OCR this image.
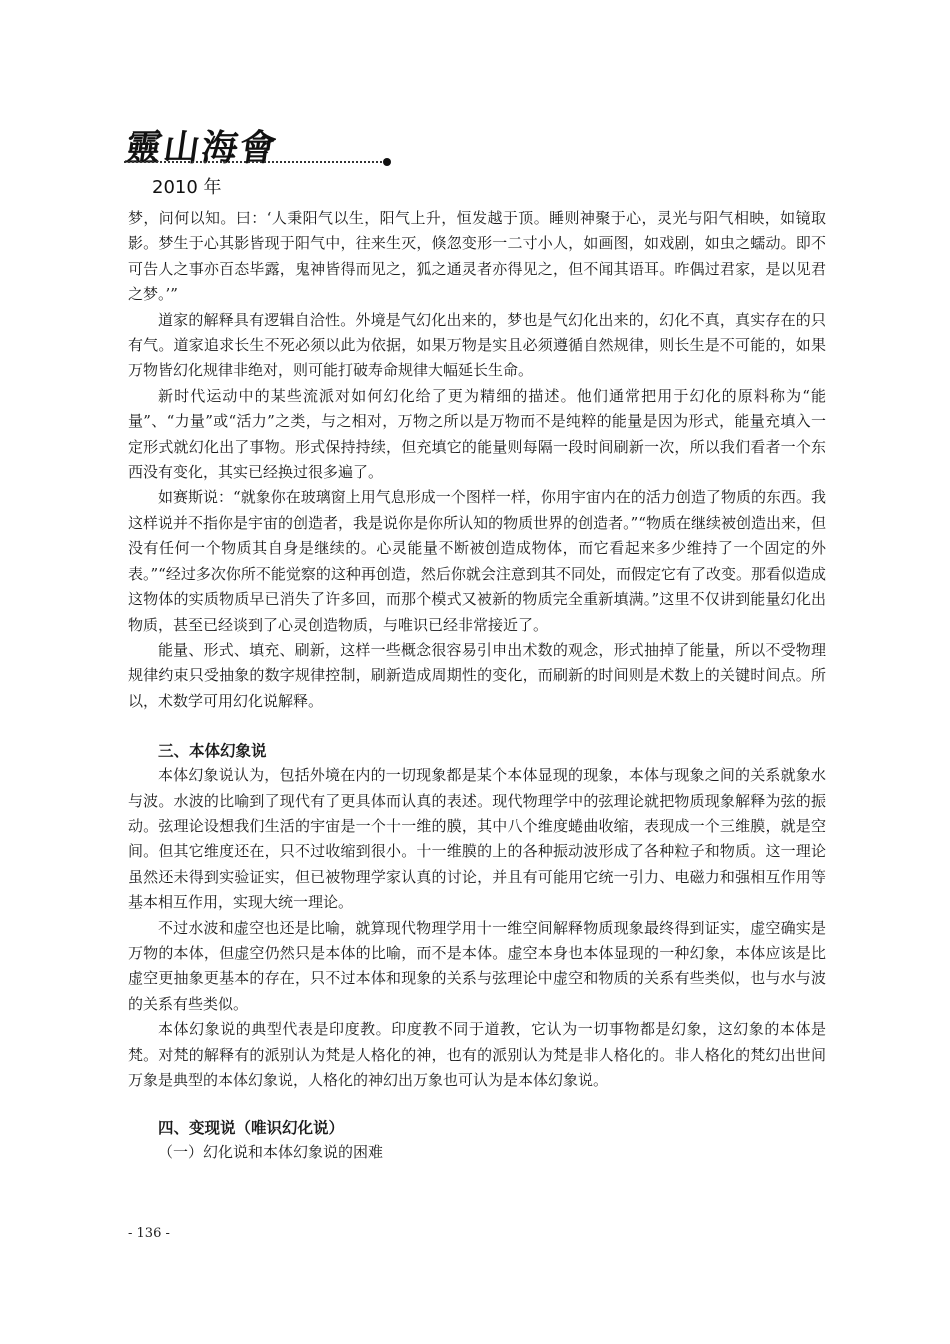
靈山海會
2010 年

梦，问何以知。曰：‘人秉阳气以生，阳气上升，恒发越于顶。睡则神聚于心，灵光与阳气相映，如镜取影。梦生于心其影皆现于阳气中，往来生灭，倏忽变形一二寸小人，如画图，如戏剧，如虫之蠕动。即不可告人之事亦百态毕露，鬼神皆得而见之，狐之通灵者亦得见之，但不闻其语耳。昨偶过君家，是以见君之梦。’”

道家的解释具有逻辑自洽性。外境是气幻化出来的，梦也是气幻化出来的，幻化不真，真实存在的只有气。道家追求长生不死必须以此为依据，如果万物是实且必须遵循自然规律，则长生是不可能的，如果万物皆幻化规律非绝对，则可能打破寿命规律大幅延长生命。

新时代运动中的某些流派对如何幻化给了更为精细的描述。他们通常把用于幻化的原料称为“能量”、“力量”或“活力”之类，与之相对，万物之所以是万物而不是纯粹的能量是因为形式，能量充填入一定形式就幻化出了事物。形式保持持续，但充填它的能量则每隔一段时间刷新一次，所以我们看者一个东西没有变化，其实已经换过很多遍了。

如赛斯说：“就象你在玻璃窗上用气息形成一个图样一样，你用宇宙内在的活力创造了物质的东西。我这样说并不指你是宇宙的创造者，我是说你是你所认知的物质世界的创造者。”“物质在继续被创造出来，但没有任何一个物质其自身是继续的。心灵能量不断被创造成物体，而它看起来多少维持了一个固定的外表。”“经过多次你所不能觉察的这种再创造，然后你就会注意到其不同处，而假定它有了改变。那看似造成这物体的实质物质早已消失了许多回，而那个模式又被新的物质完全重新填满。”这里不仅讲到能量幻化出物质，甚至已经谈到了心灵创造物质，与唯识已经非常接近了。

能量、形式、填充、刷新，这样一些概念很容易引申出术数的观念，形式抽掉了能量，所以不受物理规律约束只受抽象的数字规律控制，刷新造成周期性的变化，而刷新的时间则是术数上的关键时间点。所以，术数学可用幻化说解释。

三、本体幻象说

本体幻象说认为，包括外境在内的一切现象都是某个本体显现的现象，本体与现象之间的关系就象水与波。水波的比喻到了现代有了更具体而认真的表述。现代物理学中的弦理论就把物质现象解释为弦的振动。弦理论设想我们生活的宇宙是一个十一维的膜，其中八个维度蜷曲收缩，表现成一个三维膜，就是空间。但其它维度还在，只不过收缩到很小。十一维膜的上的各种振动波形成了各种粒子和物质。这一理论虽然还未得到实验证实，但已被物理学家认真的讨论，并且有可能用它统一引力、电磁力和强相互作用等基本相互作用，实现大统一理论。

不过水波和虚空也还是比喻，就算现代物理学用十一维空间解释物质现象最终得到证实，虚空确实是万物的本体，但虚空仍然只是本体的比喻，而不是本体。虚空本身也本体显现的一种幻象，本体应该是比虚空更抽象更基本的存在，只不过本体和现象的关系与弦理论中虚空和物质的关系有些类似，也与水与波的关系有些类似。

本体幻象说的典型代表是印度教。印度教不同于道教，它认为一切事物都是幻象，这幻象的本体是梵。对梵的解释有的派别认为梵是人格化的神，也有的派别认为梵是非人格化的。非人格化的梵幻出世间万象是典型的本体幻象说，人格化的神幻出万象也可认为是本体幻象说。

四、变现说（唯识幻化说）

（一）幻化说和本体幻象说的困难

- 136 -
